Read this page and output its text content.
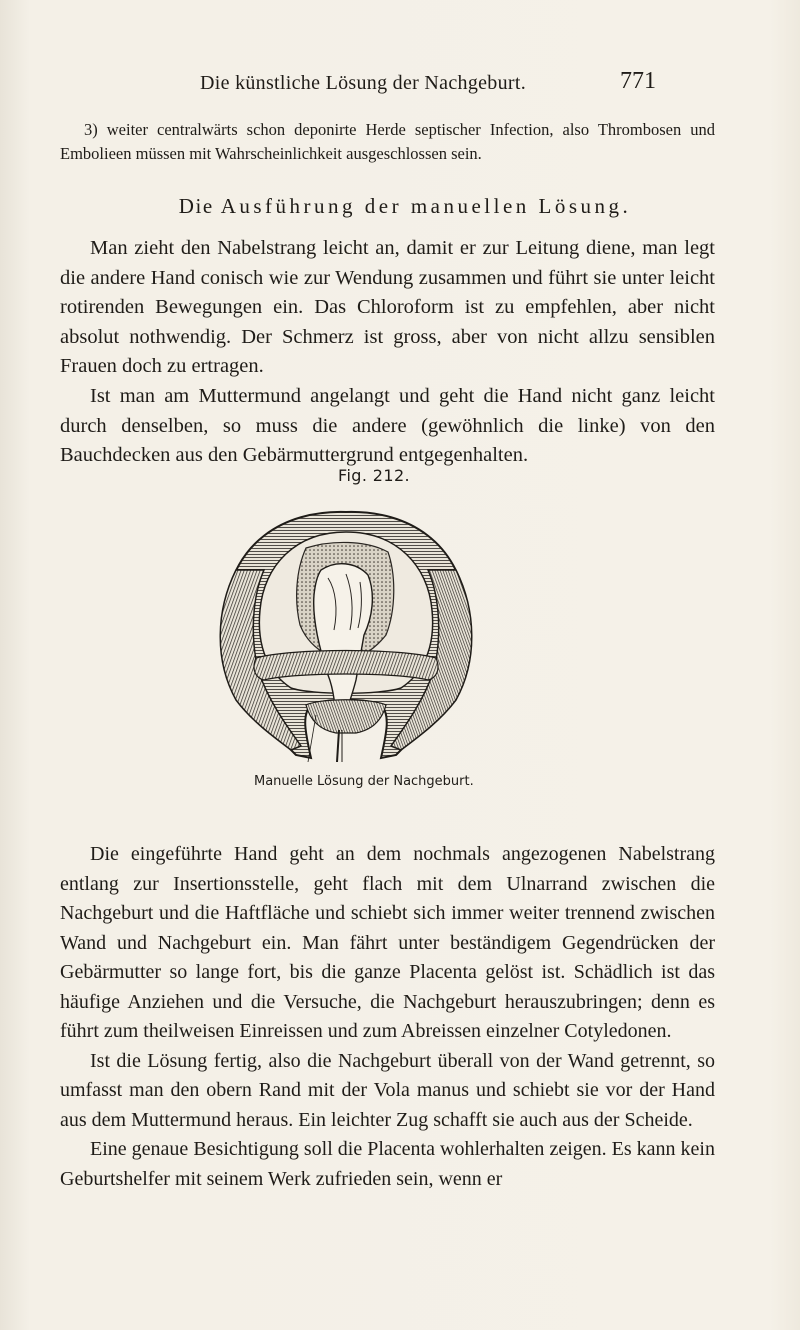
Die künstliche Lösung der Nachgeburt.	771

3) weiter centralwärts schon deponirte Herde septischer Infection, also Thrombosen und Embolieen müssen mit Wahrscheinlichkeit ausgeschlossen sein.

Die Ausführung der manuellen Lösung.

Man zieht den Nabelstrang leicht an, damit er zur Leitung diene, man legt die andere Hand conisch wie zur Wendung zusammen und führt sie unter leicht rotirenden Bewegungen ein. Das Chloroform ist zu empfehlen, aber nicht absolut nothwendig. Der Schmerz ist gross, aber von nicht allzu sensiblen Frauen doch zu ertragen.

Ist man am Muttermund angelangt und geht die Hand nicht ganz leicht durch denselben, so muss die andere (gewöhnlich die linke) von den Bauchdecken aus den Gebärmuttergrund entgegenhalten.

Fig. 212.
Manuelle Lösung der Nachgeburt.

Die eingeführte Hand geht an dem nochmals angezogenen Nabelstrang entlang zur Insertionsstelle, geht flach mit dem Ulnarrand zwischen die Nachgeburt und die Haftfläche und schiebt sich immer weiter trennend zwischen Wand und Nachgeburt ein. Man fährt unter beständigem Gegendrücken der Gebärmutter so lange fort, bis die ganze Placenta gelöst ist. Schädlich ist das häufige Anziehen und die Versuche, die Nachgeburt herauszubringen; denn es führt zum theilweisen Einreissen und zum Abreissen einzelner Cotyledonen.

Ist die Lösung fertig, also die Nachgeburt überall von der Wand getrennt, so umfasst man den obern Rand mit der Vola manus und schiebt sie vor der Hand aus dem Muttermund heraus. Ein leichter Zug schafft sie auch aus der Scheide.

Eine genaue Besichtigung soll die Placenta wohlerhalten zeigen. Es kann kein Geburtshelfer mit seinem Werk zufrieden sein, wenn er
